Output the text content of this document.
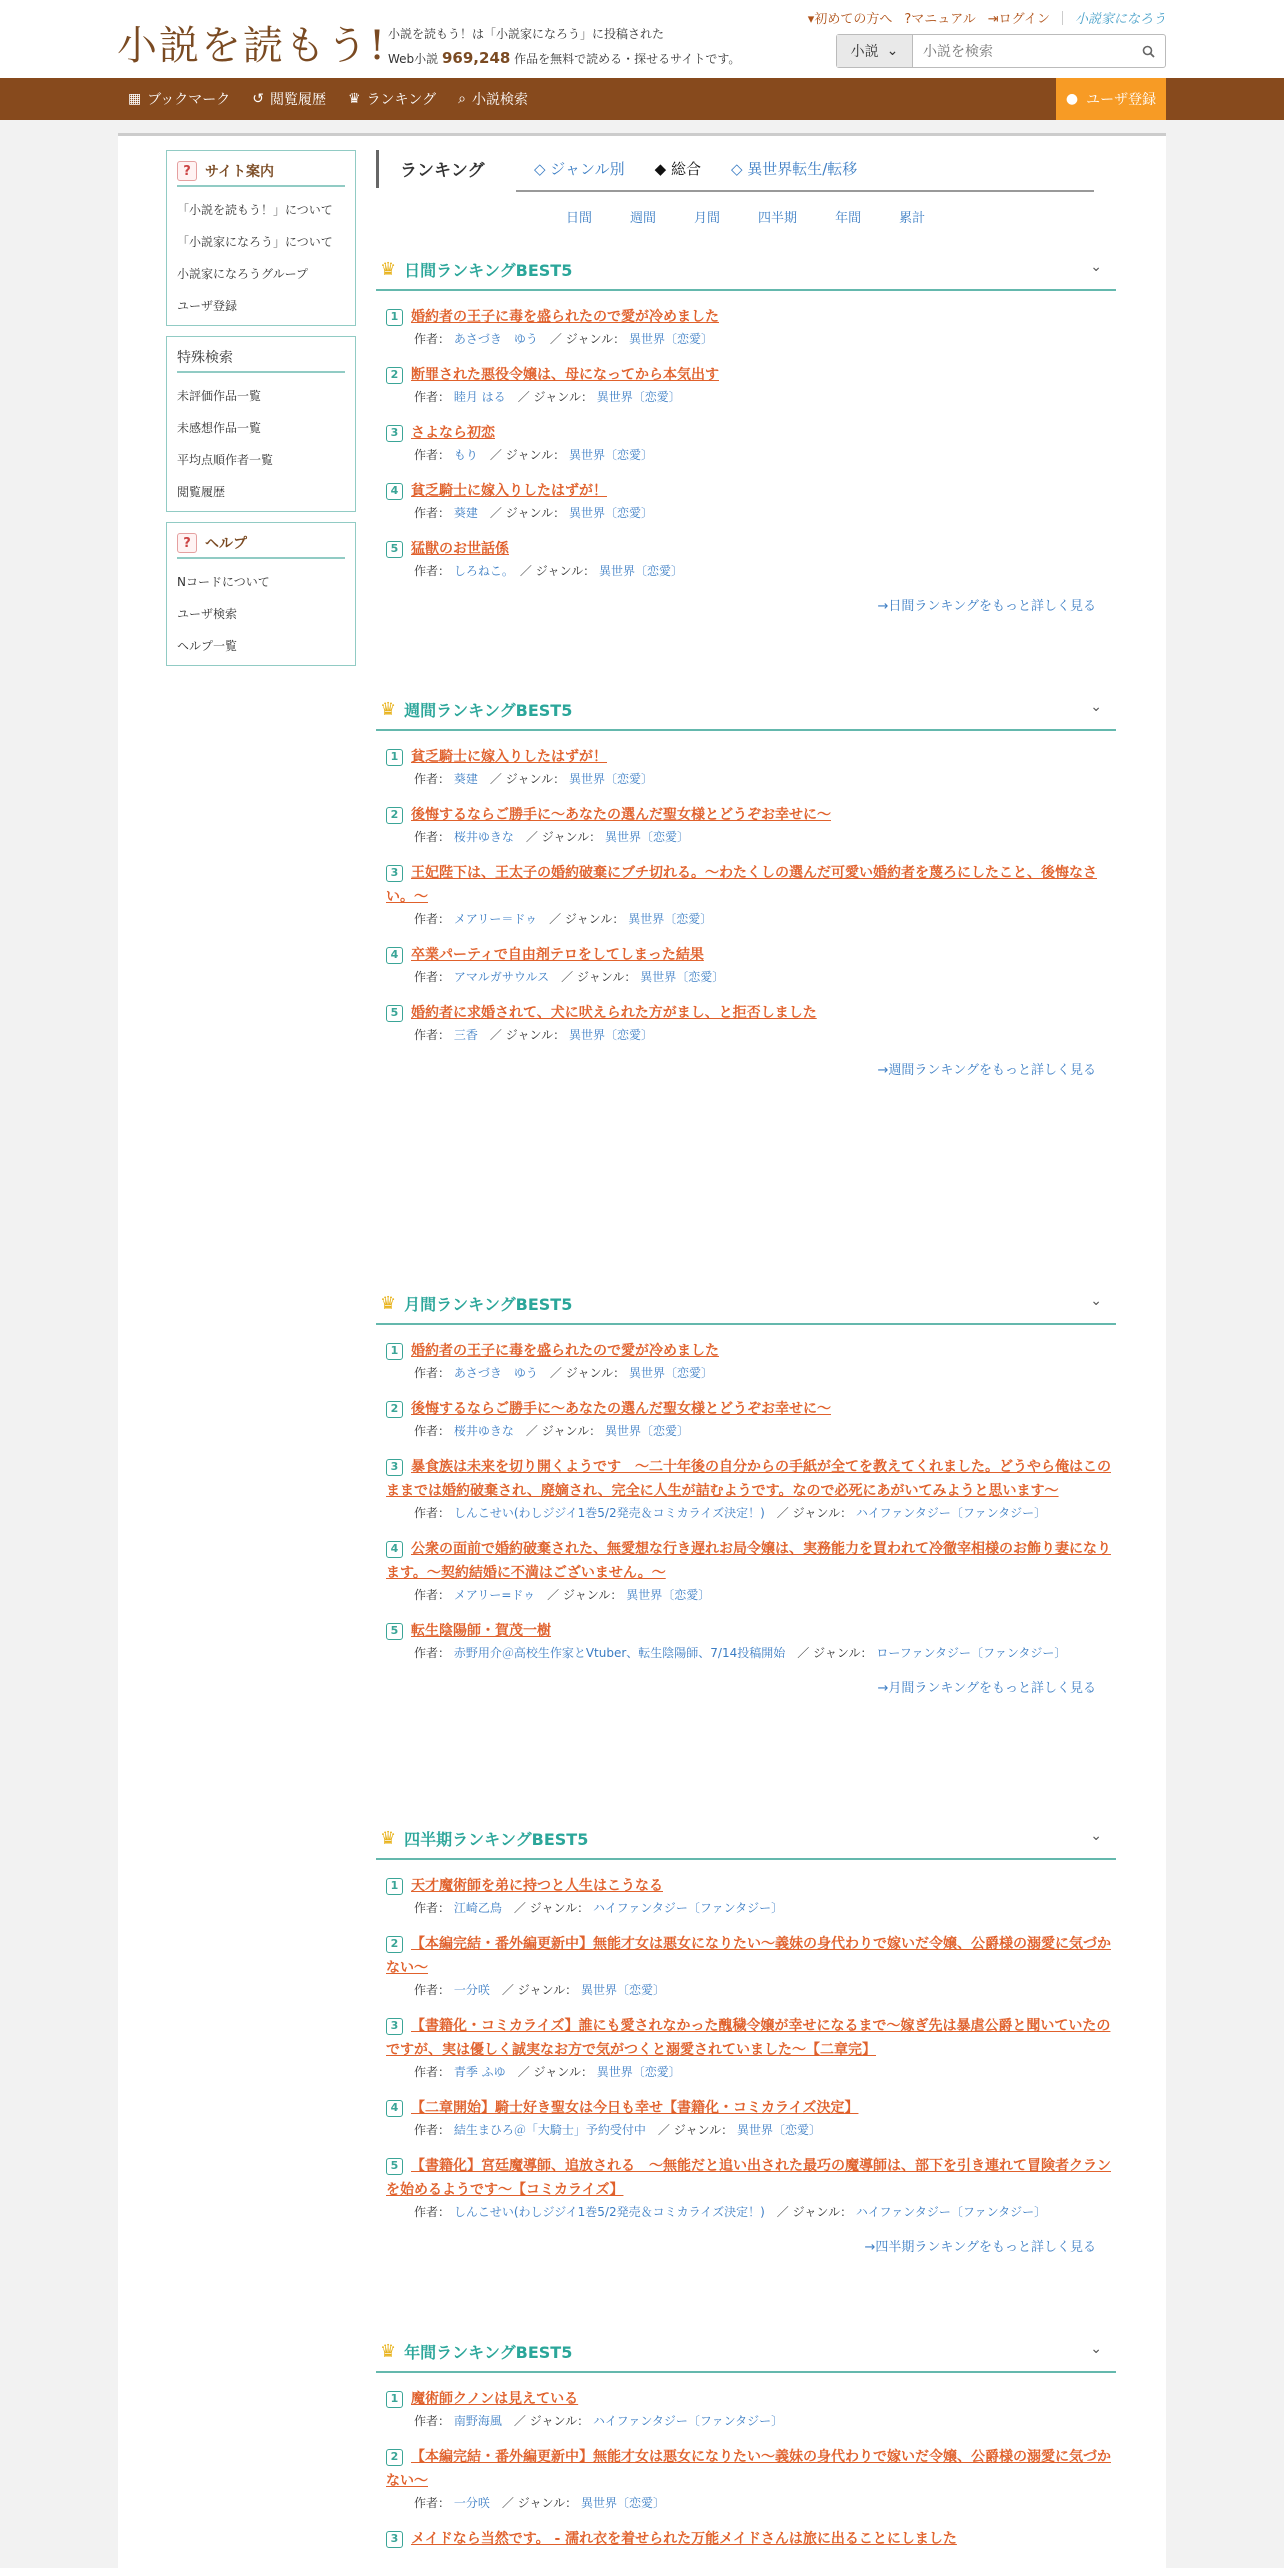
小説を読もう! 小説を読もう！は「小説家になろう」に投稿された
Web小説 969,248 作品を無料で読める・探せるサイトです。
▾初めての方へ ?マニュアル ⇥ログイン 小説家になろう
小説 ⌄
小説を検索
▦ ブックマーク ↺ 閲覧履歴 ♛ ランキング ⌕ 小説検索	● ユーザ登録
?	サイト案内
「小説を読もう！」について
「小説家になろう」について
小説家になろうグループ
ユーザ登録
特殊検索
未評価作品一覧
未感想作品一覧
平均点順作者一覧
閲覧履歴
?	ヘルプ
Nコードについて
ユーザ検索
ヘルプ一覧
ランキング	◇ ジャンル別 ◆ 総合 ◇ 異世界転生/転移
日間	週間	月間	四半期	年間	累計
♛ 日間ランキングBEST5	⌄
1 婚約者の王子に毒を盛られたので愛が冷めました
作者： あさづき　ゆう　 ／ ジャンル： 異世界〔恋愛〕
2 断罪された悪役令嬢は、母になってから本気出す
作者： 睦月 はる　 ／ ジャンル： 異世界〔恋愛〕
3 さよなら初恋
作者： もり　 ／ ジャンル： 異世界〔恋愛〕
4 貧乏騎士に嫁入りしたはずが！
作者： 葵建　 ／ ジャンル： 異世界〔恋愛〕
5 猛獣のお世話係
作者： しろねこ。　 ／ ジャンル： 異世界〔恋愛〕
→日間ランキングをもっと詳しく見る
♛ 週間ランキングBEST5	⌄
1 貧乏騎士に嫁入りしたはずが！
作者： 葵建　 ／ ジャンル： 異世界〔恋愛〕
2 後悔するならご勝手に～あなたの選んだ聖女様とどうぞお幸せに～
作者： 桜井ゆきな　 ／ ジャンル： 異世界〔恋愛〕
3 王妃陛下は、王太子の婚約破棄にブチ切れる。～わたくしの選んだ可愛い婚約者を蔑ろにしたこと、後悔なさい。～
作者： メアリー＝ドゥ　 ／ ジャンル： 異世界〔恋愛〕
4 卒業パーティで自由剤テロをしてしまった結果
作者： アマルガサウルス　 ／ ジャンル： 異世界〔恋愛〕
5 婚約者に求婚されて、犬に吠えられた方がまし、と拒否しました
作者： 三香　 ／ ジャンル： 異世界〔恋愛〕
→週間ランキングをもっと詳しく見る
♛ 月間ランキングBEST5	⌄
1 婚約者の王子に毒を盛られたので愛が冷めました
作者： あさづき　ゆう　 ／ ジャンル： 異世界〔恋愛〕
2 後悔するならご勝手に～あなたの選んだ聖女様とどうぞお幸せに～
作者： 桜井ゆきな　 ／ ジャンル： 異世界〔恋愛〕
3 暴食族は未来を切り開くようです　～二十年後の自分からの手紙が全てを教えてくれました。どうやら俺はこのままでは婚約破棄され、廃嫡され、完全に人生が詰むようです。なので必死にあがいてみようと思います～
作者： しんこせい(わしジジイ1巻5/2発売＆コミカライズ決定！)　 ／ ジャンル： ハイファンタジー〔ファンタジー〕
4 公衆の面前で婚約破棄された、無愛想な行き遅れお局令嬢は、実務能力を買われて冷徹宰相様のお飾り妻になります。～契約結婚に不満はございません。～
作者： メアリー=ドゥ　 ／ ジャンル： 異世界〔恋愛〕
5 転生陰陽師・賀茂一樹
作者： 赤野用介＠高校生作家とVtuber、転生陰陽師、7/14投稿開始　 ／ ジャンル： ローファンタジー〔ファンタジー〕
→月間ランキングをもっと詳しく見る
♛ 四半期ランキングBEST5	⌄
1 天才魔術師を弟に持つと人生はこうなる
作者： 江崎乙鳥　 ／ ジャンル： ハイファンタジー〔ファンタジー〕
2 【本編完結・番外編更新中】無能才女は悪女になりたい～義妹の身代わりで嫁いだ令嬢、公爵様の溺愛に気づかない～
作者： 一分咲　 ／ ジャンル： 異世界〔恋愛〕
3 【書籍化・コミカライズ】誰にも愛されなかった醜穢令嬢が幸せになるまで〜嫁ぎ先は暴虐公爵と聞いていたのですが、実は優しく誠実なお方で気がつくと溺愛されていました〜【二章完】
作者： 青季 ふゆ　 ／ ジャンル： 異世界〔恋愛〕
4 【二章開始】騎士好き聖女は今日も幸せ【書籍化・コミカライズ決定】
作者： 結生まひろ＠「大騎士」予約受付中　 ／ ジャンル： 異世界〔恋愛〕
5 【書籍化】宮廷魔導師、追放される　～無能だと追い出された最巧の魔導師は、部下を引き連れて冒険者クランを始めるようです～【コミカライズ】
作者： しんこせい(わしジジイ1巻5/2発売＆コミカライズ決定！)　 ／ ジャンル： ハイファンタジー〔ファンタジー〕
→四半期ランキングをもっと詳しく見る
♛ 年間ランキングBEST5	⌄
1 魔術師クノンは見えている
作者： 南野海風　 ／ ジャンル： ハイファンタジー〔ファンタジー〕
2 【本編完結・番外編更新中】無能才女は悪女になりたい～義妹の身代わりで嫁いだ令嬢、公爵様の溺愛に気づかない～
作者： 一分咲　 ／ ジャンル： 異世界〔恋愛〕
3 メイドなら当然です。 - 濡れ衣を着せられた万能メイドさんは旅に出ることにしました
